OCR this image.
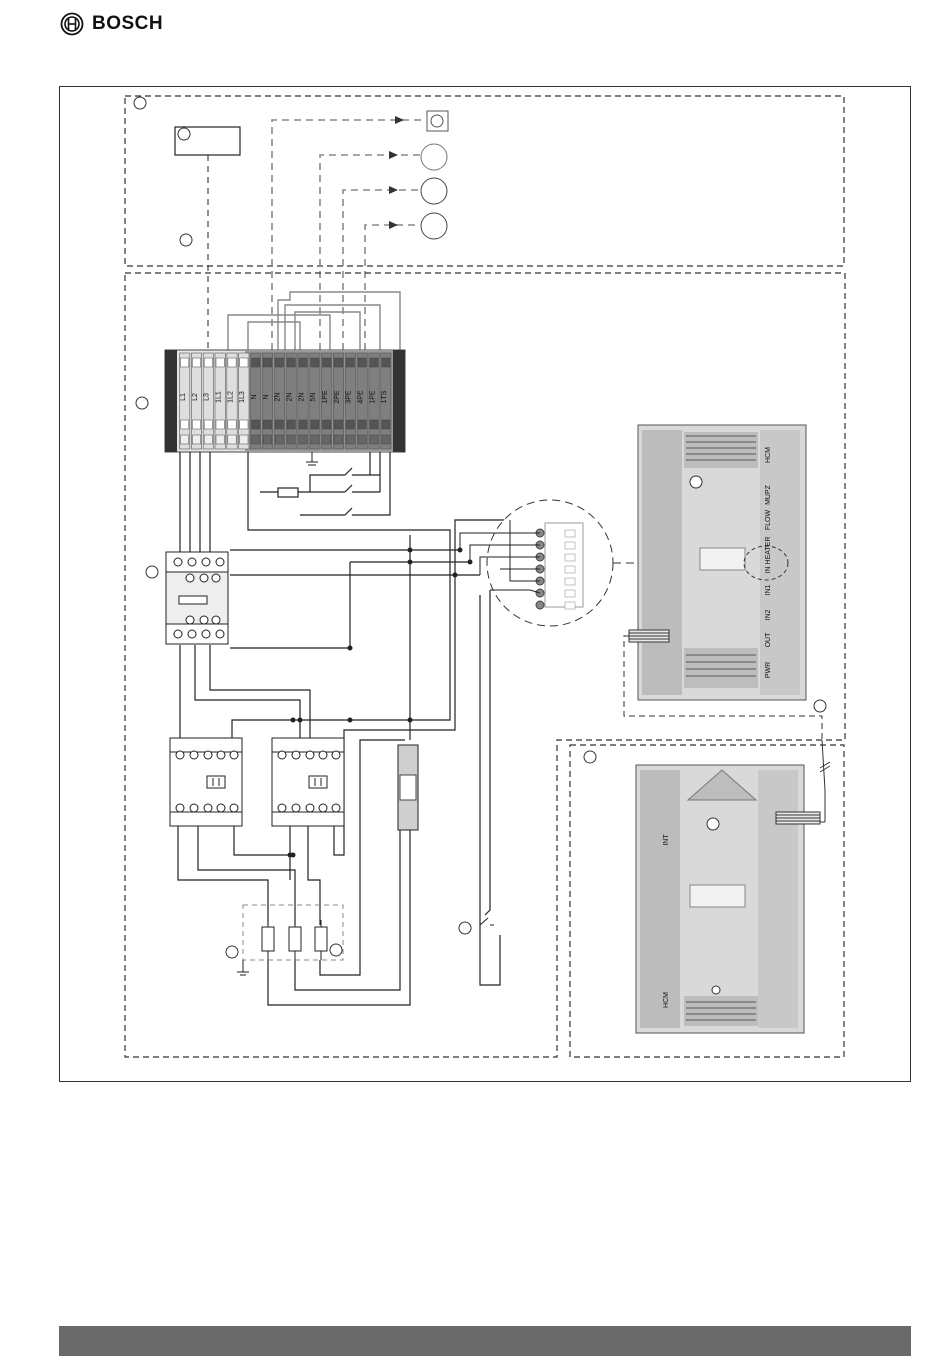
BOSCH
L1 L2 L3 1L1 1L2 1L3 N N 2N 2N 2N 5N 1PE 2PE 3PE 4PE 1PE 1TS
HCM
MUPZ
FLOW
IN HEATER
IN1
IN2
OUT
PWR
HCM
INT
